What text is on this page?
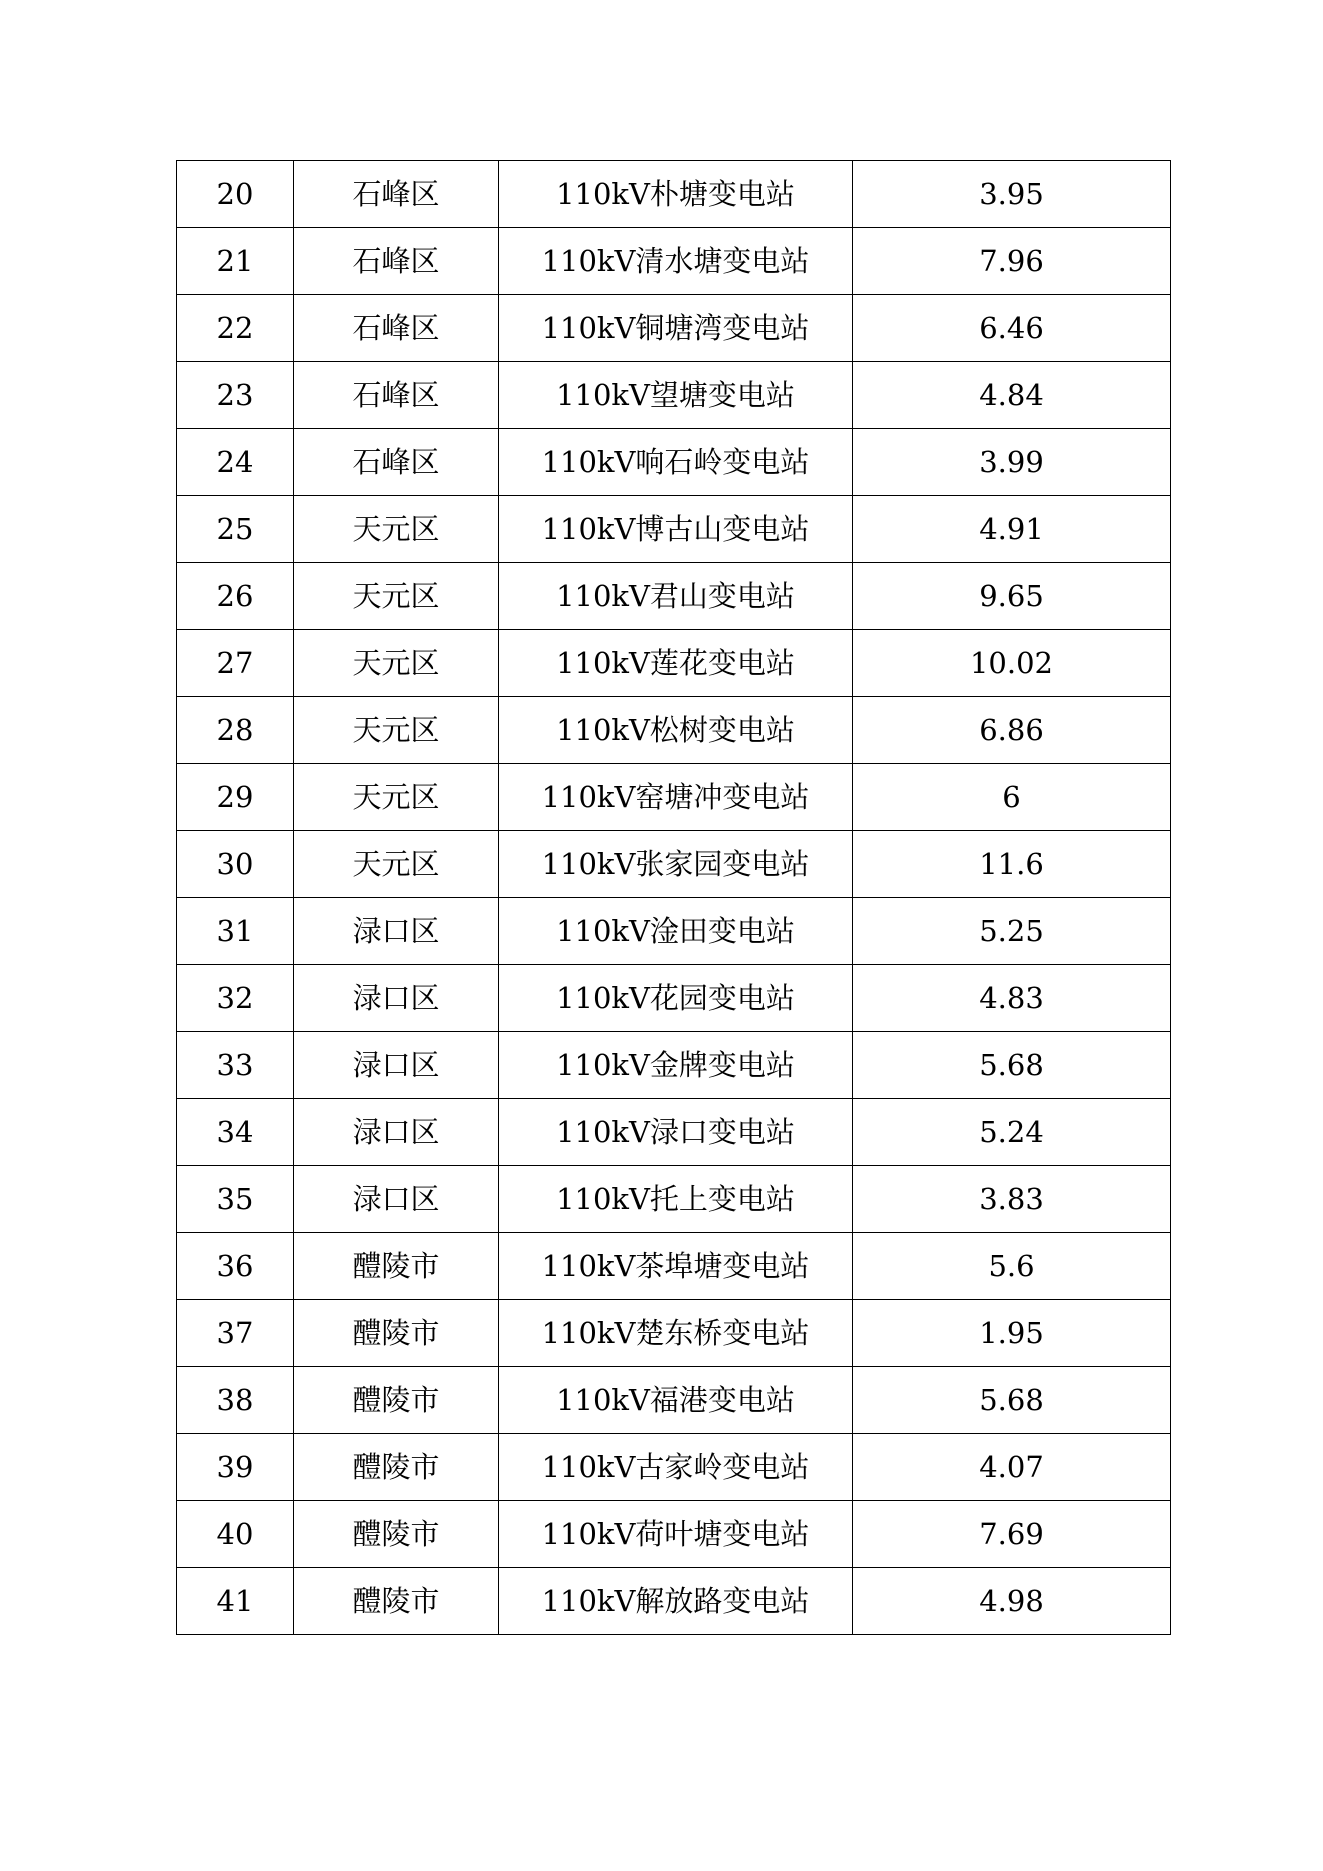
20	石峰区	110kV朴塘变电站	3.95
21	石峰区	110kV清水塘变电站	7.96
22	石峰区	110kV铜塘湾变电站	6.46
23	石峰区	110kV望塘变电站	4.84
24	石峰区	110kV响石岭变电站	3.99
25	天元区	110kV博古山变电站	4.91
26	天元区	110kV君山变电站	9.65
27	天元区	110kV莲花变电站	10.02
28	天元区	110kV松树变电站	6.86
29	天元区	110kV窑塘冲变电站	6
30	天元区	110kV张家园变电站	11.6
31	渌口区	110kV淦田变电站	5.25
32	渌口区	110kV花园变电站	4.83
33	渌口区	110kV金牌变电站	5.68
34	渌口区	110kV渌口变电站	5.24
35	渌口区	110kV托上变电站	3.83
36	醴陵市	110kV茶埠塘变电站	5.6
37	醴陵市	110kV楚东桥变电站	1.95
38	醴陵市	110kV福港变电站	5.68
39	醴陵市	110kV古家岭变电站	4.07
40	醴陵市	110kV荷叶塘变电站	7.69
41	醴陵市	110kV解放路变电站	4.98
